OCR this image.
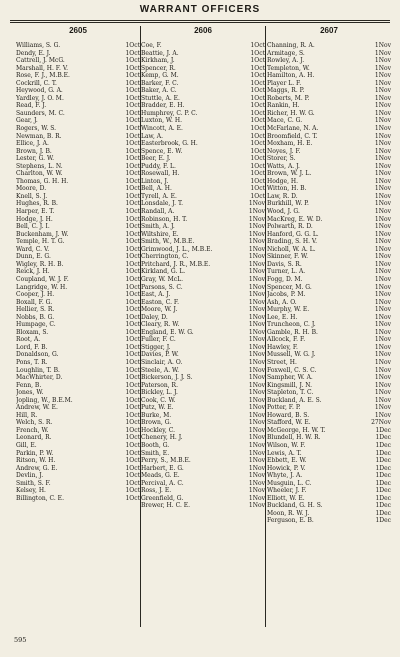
WARRANT OFFICERS
2605
Williams, S. G.	1Oct
Dendy, E. J.	1Oct
Cattrell, J. McG.	1Oct
Marshall, H. F. V.	1Oct
Rose, F. J., M.B.E.	1Oct
Cockrill, C. T.	1Oct
Heywood, G. A.	1Oct
Yardley, J. O. M.	1Oct
Read, F. J.	1Oct
Saunders, M. C.	1Oct
Gear, J.	1Oct
Rogers, W. S.	1Oct
Newman, B. R.	1Oct
Ellice, J. A.	1Oct
Brown, J. B.	1Oct
Lester, G. W.	1Oct
Stephens, L. N.	1Oct
Charlton, W. W.	1Oct
Thomas, G. H. H.	1Oct
Moore, D.	1Oct
Knell, S. J.	1Oct
Hughes, R. B.	1Oct
Harper, E. T.	1Oct
Hodge, J. H.	1Oct
Bell, C. J. I.	1Oct
Buckenham, J. W.	1Oct
Temple, H. T. G.	1Oct
Ward, C. V.	1Oct
Dunn, E. G.	1Oct
Wigley, R. H. B.	1Oct
Reick, J. H.	1Oct
Coupland, W. J. F.	1Oct
Langridge, W. H.	1Oct
Cooper, J. H.	1Oct
Boxall, F. G.	1Oct
Hellier, S. R.	1Oct
Nobbs, B. G.	1Oct
Humpage, C.	1Oct
Bloxam, S.	1Oct
Root, A.	1Oct
Lord, F. B.	1Oct
Donaldson, G.	1Oct
Pons, T. R.	1Oct
Loughlin, T. B.	1Oct
MacWhirter, D.	1Oct
Fenn, B.	1Oct
Jones, W.	1Oct
Jopling, W., B.E.M.	1Oct
Andrew, W. E.	1Oct
Hill, R.	1Oct
Welch, S. R.	1Oct
French, W.	1Oct
Leonard, R.	1Oct
Gill, E.	1Oct
Parkin, P. W.	1Oct
Ritson, W. H.	1Oct
Andrew, G. E.	1Oct
Devlin, J.	1Oct
Smith, S. F.	1Oct
Kelsey, H.	1Oct
Billington, C. E.	1Oct
2606
Coe, F.	1Oct
Beattie, J. A.	1Oct
Kirkham, J.	1Oct
Spencer, R.	1Oct
Kemp, G. M.	1Oct
Barker, F. C.	1Oct
Baker, A. C.	1Oct
Stuttle, A. E.	1Oct
Bradder, E. H.	1Oct
Humphrey, C. P. C.	1Oct
Luxton, W. H.	1Oct
Wincott, A. E.	1Oct
Law, A.	1Oct
Easterbrook, G. H.	1Oct
Spence, E. W.	1Oct
Beer, E. J.	1Oct
Puddy, F. L.	1Oct
Rosewall, H.	1Oct
Linton, J.	1Oct
Bell, A. H.	1Oct
Tyrell, A. E.	1Oct
Lonsdale, J. T.	1Nov
Randall, A.	1Nov
Robinson, H. T.	1Nov
Smith, A. J.	1Nov
Wiltshire, E.	1Nov
Smith, W., M.B.E.	1Nov
Grimwood, J. L., M.B.E.	1Nov
Cherrington, C.	1Nov
Pritchard, J. R., M.B.E.	1Nov
Kirkland, G. L.	1Nov
Gray, W. McL.	1Nov
Parsons, S. C.	1Nov
East, A. J.	1Nov
Easton, C. F.	1Nov
Moore, W. J.	1Nov
Daley, D.	1Nov
Cleary, R. W.	1Nov
England, E. W. G.	1Nov
Fuller, F. C.	1Nov
Stigger, J.	1Nov
Davies, P. W.	1Nov
Sinclair, A. O.	1Nov
Steele, A. W.	1Nov
Bickerson, J. J. S.	1Nov
Paterson, R.	1Nov
Bickley, L. J.	1Nov
Cook, C. W.	1Nov
Putz, W. E.	1Nov
Burke, M.	1Nov
Brown, G.	1Nov
Hockley, C.	1Nov
Chenery, H. J.	1Nov
Booth, G.	1Nov
Smith, E.	1Nov
Perry, S., M.B.E.	1Nov
Harbert, E. G.	1Nov
Meads, G. E.	1Nov
Percival, A. C.	1Nov
Ross, J. E.	1Nov
Greenfield, G.	1Nov
Brewer, H. C. E.	1Nov
2607
Channing, R. A.	1Nov
Armitage, S.	1Nov
Rowley, A. J.	1Nov
Templeton, W.	1Nov
Hamilton, A. H.	1Nov
Player L. F.	1Nov
Maggs, R. P.	1Nov
Roberts, M. P.	1Nov
Rankin, H.	1Nov
Richer, H. W. G.	1Nov
Mace, C. G.	1Nov
McFarlane, N. A.	1Nov
Broomfield, C. T.	1Nov
Moxham, H. E.	1Nov
Noyes, J. F.	1Nov
Storer, S.	1Nov
Watts, A. J.	1Nov
Brown, W. J. L.	1Nov
Hodge, H.	1Nov
Witton, H. B.	1Nov
Law, R. D.	1Nov
Burkhill, W. P.	1Nov
Wood, J. G.	1Nov
MacKreg, E. W. D.	1Nov
Polwarth, R. D.	1Nov
Hanford, G. G. L.	1Nov
Brading, S. H. V.	1Nov
Nicholl, W. A. L.	1Nov
Skinner, F. W.	1Nov
Davis, S. R.	1Nov
Turner, L. A.	1Nov
Fogg, D. M.	1Nov
Spencer, M. G.	1Nov
Jacobs, P. M.	1Nov
Ash, A. O.	1Nov
Murphy, W. E.	1Nov
Lee, E. H.	1Nov
Truncheon, C. J.	1Nov
Gamble, R. H. B.	1Nov
Allcock, F. F.	1Nov
Hawley, F.	1Nov
Mussell, W. G. J.	1Nov
Street, H.	1Nov
Foxwell, C. S. C.	1Nov
Sampher, W. A.	1Nov
Kingsmill, J. N.	1Nov
Stapleton, T. C.	1Nov
Buckland, A. E. S.	1Nov
Potter, F. P.	1Nov
Howard, B. S.	1Nov
Stafford, W. E.	27Nov
McGeorge, H. W. T.	1Dec
Blundell, H. W. R.	1Dec
Wilson, W. F.	1Dec
Lewis, A. T.	1Dec
Ebbett, E. W.	1Dec
Howick, P. V.	1Dec
Whyte, J. A.	1Dec
Musguin, L. C.	1Dec
Wheeler, J. F.	1Dec
Elliott, W. E.	1Dec
Buckland, G. H. S.	1Dec
Moon, R. W. J.	1Dec
Ferguson, E. B.	1Dec
595
